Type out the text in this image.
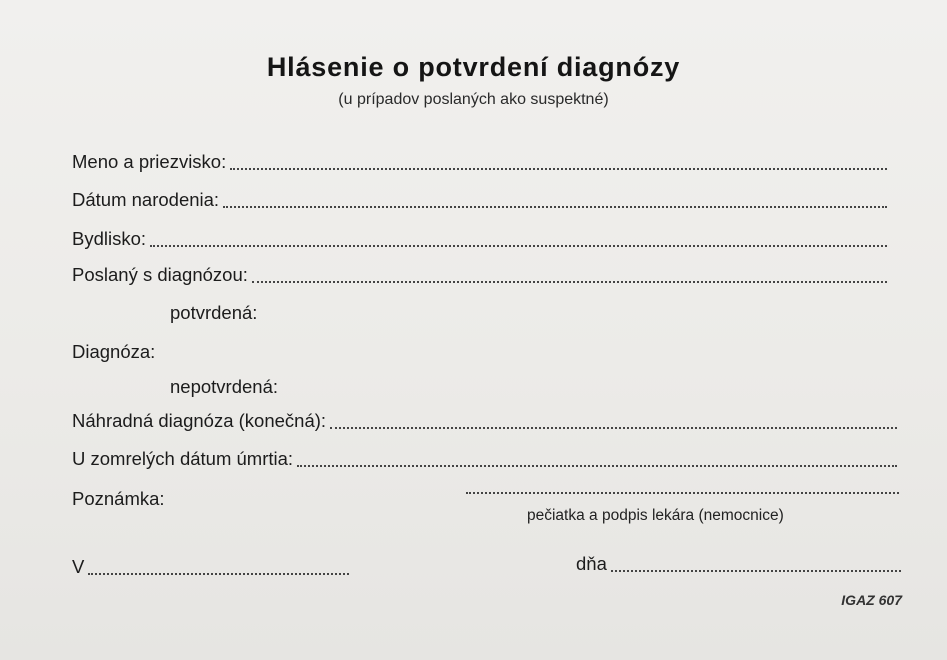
Hlásenie o potvrdení diagnózy
(u prípadov poslaných ako suspektné)
Meno a priezvisko:
Dátum narodenia:
Bydlisko:
Poslaný s diagnózou:
potvrdená:
Diagnóza:
nepotvrdená:
Náhradná diagnóza (konečná):
U zomrelých dátum úmrtia:
Poznámka:
pečiatka a podpis lekára (nemocnice)
V	dňa
IGAZ 607
